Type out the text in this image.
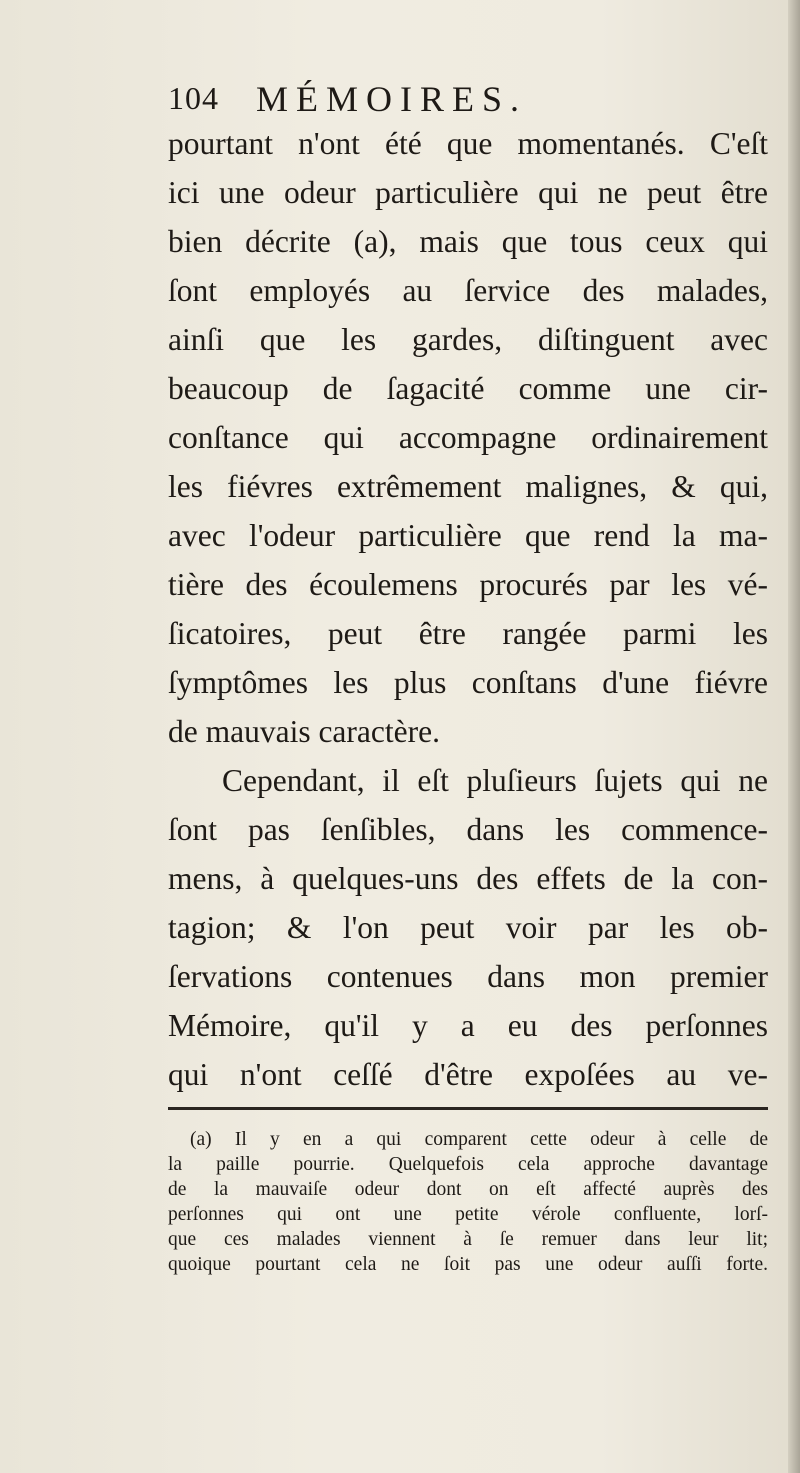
104 MÉMOIRES.
pourtant n'ont été que momentanés. C'eſt
ici une odeur particulière qui ne peut être
bien décrite (a), mais que tous ceux qui
ſont employés au ſervice des malades,
ainſi que les gardes, diſtinguent avec
beaucoup de ſagacité comme une cir-
conſtance qui accompagne ordinairement
les fiévres extrêmement malignes, & qui,
avec l'odeur particulière que rend la ma-
tière des écoulemens procurés par les vé-
ſicatoires, peut être rangée parmi les
ſymptômes les plus conſtans d'une fiévre
de mauvais caractère.
Cependant, il eſt pluſieurs ſujets qui ne
ſont pas ſenſibles, dans les commence-
mens, à quelques-uns des effets de la con-
tagion; & l'on peut voir par les ob-
ſervations contenues dans mon premier
Mémoire, qu'il y a eu des perſonnes
qui n'ont ceſſé d'être expoſées au ve-
(a) Il y en a qui comparent cette odeur à celle de
la paille pourrie. Quelquefois cela approche davantage
de la mauvaiſe odeur dont on eſt affecté auprès des
perſonnes qui ont une petite vérole confluente, lorſ-
que ces malades viennent à ſe remuer dans leur lit;
quoique pourtant cela ne ſoit pas une odeur auſſi forte.
